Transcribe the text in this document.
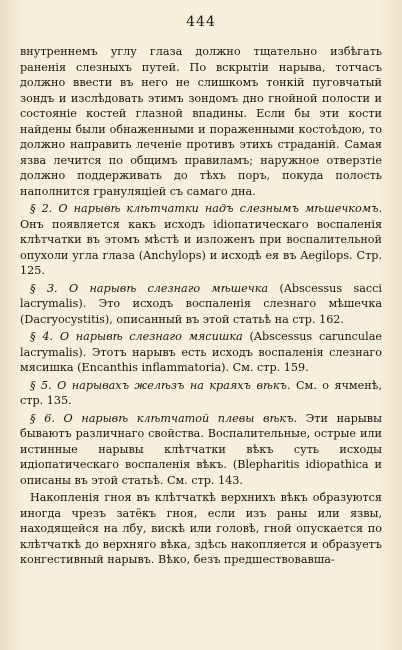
444

внутреннемъ углу глаза должно тщательно избѣгать раненія слезныхъ путей. По вскрытіи нарыва, тотчасъ должно ввести въ него не слишкомъ тонкій пуговчатый зондъ и изслѣдовать этимъ зондомъ дно гнойной полости и состояніе костей глазной впадины. Если бы эти кости найдены были обнаженными и пораженными костоѣдою, то должно направить леченіе противъ этихъ страданій. Самая язва лечится по общимъ правиламъ; наружное отверзтіе должно поддерживать до тѣхъ поръ, покуда полость наполнится грануляціей съ самаго дна.

§ 2. О нарывѣ клѣтчатки надъ слезнымъ мѣшечкомъ. Онъ появляется какъ исходъ idіопатическаго воспаленія клѣтчатки въ этомъ мѣстѣ и изложенъ при воспалительной опухоли угла глаза (Anchylops) и исходѣ ея въ Aegilops. Стр. 125.

§ 3. О нарывѣ слезнаго мѣшечка (Abscessus sacci lacrymalis). Это исходъ воспаленія слезнаго мѣшечка (Dacryocystitis), описанный въ этой статьѣ на стр. 162.

§ 4. О нарывѣ слезнаго мясишка (Abscessus carunculae lacrymalis). Этотъ нарывъ есть исходъ воспаленія слезнаго мясишка (Encanthis inflammatoria). См. стр. 159.

§ 5. О нарывахъ желѣзъ на краяхъ вѣкъ. См. о ячменѣ, стр. 135.

§ 6. О нарывѣ клѣтчатой плевы вѣкъ. Эти нарывы бываютъ различнаго свойства. Воспалительные, острые или истинные нарывы клѣтчатки вѣкъ суть исходы идіопатическаго воспаленія вѣкъ. (Blepharitis idiopathica и описаны въ этой статьѣ. См. стр. 143.

Накопленія гноя въ клѣтчаткѣ верхнихъ вѣкъ образуются иногда чрезъ затёкъ гноя, если изъ раны или язвы, находящейся на лбу, вискѣ или головѣ, гной опускается по клѣтчаткѣ до верхняго вѣка, здѣсь накопляется и образуетъ конгестивный нарывъ. Вѣко, безъ предшествовавша-
